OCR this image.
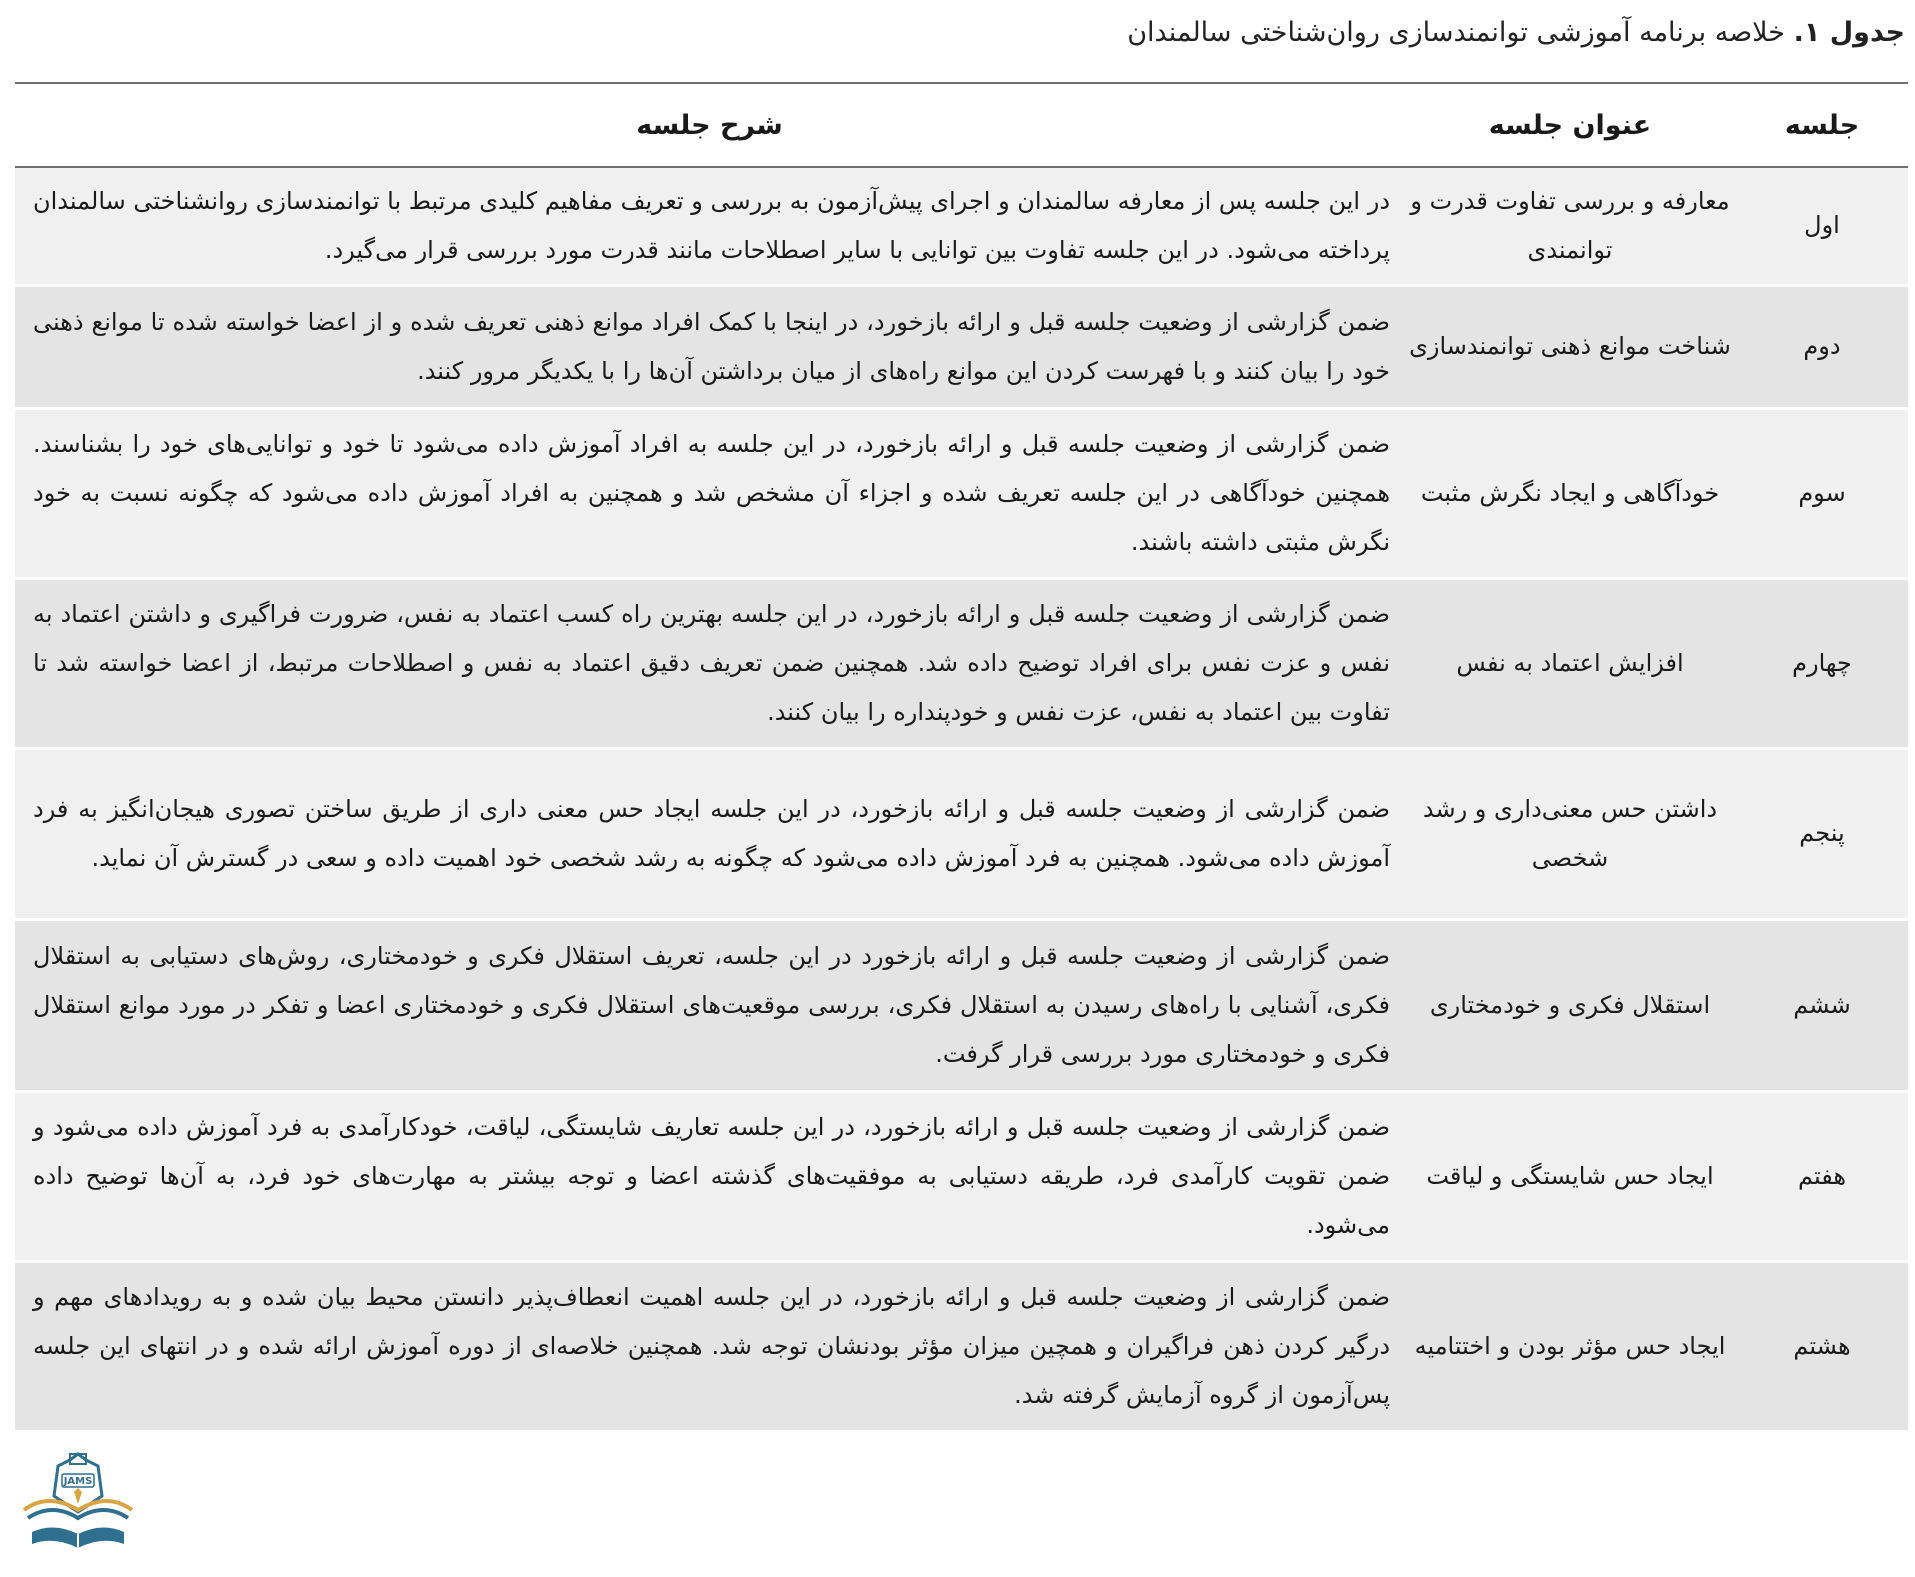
جدول ۱. خلاصه برنامه آموزشی توانمندسازی روان‌شناختی سالمندان
جلسه	عنوان جلسه	شرح جلسه
اول	معارفه و بررسی تفاوت قدرت و توانمندی	در این جلسه پس از معارفه سالمندان و اجرای پیش‌آزمون به بررسی و تعریف مفاهیم کلیدی مرتبط با توانمندسازی روانشناختی سالمندان پرداخته می‌شود. در این جلسه تفاوت بین توانایی با سایر اصطلاحات مانند قدرت مورد بررسی قرار می‌گیرد.
دوم	شناخت موانع ذهنی توانمندسازی	ضمن گزارشی از وضعیت جلسه قبل و ارائه بازخورد، در اینجا با کمک افراد موانع ذهنی تعریف شده و از اعضا خواسته شده تا موانع ذهنی خود را بیان کنند و با فهرست کردن این موانع راه‌های از میان برداشتن آن‌ها را با یکدیگر مرور کنند.
سوم	خودآگاهی و ایجاد نگرش مثبت	ضمن گزارشی از وضعیت جلسه قبل و ارائه بازخورد، در این جلسه به افراد آموزش داده می‌شود تا خود و توانایی‌های خود را بشناسند. همچنین خودآگاهی در این جلسه تعریف شده و اجزاء آن مشخص شد و همچنین به افراد آموزش داده می‌شود که چگونه نسبت به خود نگرش مثبتی داشته باشند.
چهارم	افزایش اعتماد به نفس	ضمن گزارشی از وضعیت جلسه قبل و ارائه بازخورد، در این جلسه بهترین راه کسب اعتماد به نفس، ضرورت فراگیری و داشتن اعتماد به نفس و عزت نفس برای افراد توضیح داده شد. همچنین ضمن تعریف دقیق اعتماد به نفس و اصطلاحات مرتبط، از اعضا خواسته شد تا تفاوت بین اعتماد به نفس، عزت نفس و خودپنداره را بیان کنند.
پنجم	داشتن حس معنی‌داری و رشد شخصی	ضمن گزارشی از وضعیت جلسه قبل و ارائه بازخورد، در این جلسه ایجاد حس معنی داری از طریق ساختن تصوری هیجان‌انگیز به فرد آموزش داده می‌شود. همچنین به فرد آموزش داده می‌شود که چگونه به رشد شخصی خود اهمیت داده و سعی در گسترش آن نماید.
ششم	استقلال فکری و خودمختاری	ضمن گزارشی از وضعیت جلسه قبل و ارائه بازخورد در این جلسه، تعریف استقلال فکری و خودمختاری، روش‌های دستیابی به استقلال فکری، آشنایی با راه‌های رسیدن به استقلال فکری، بررسی موقعیت‌های استقلال فکری و خودمختاری اعضا و تفکر در مورد موانع استقلال فکری و خودمختاری مورد بررسی قرار گرفت.
هفتم	ایجاد حس شایستگی و لیاقت	ضمن گزارشی از وضعیت جلسه قبل و ارائه بازخورد، در این جلسه تعاریف شایستگی، لیاقت، خودکارآمدی به فرد آموزش داده می‌شود و ضمن تقویت کارآمدی فرد، طریقه دستیابی به موفقیت‌های گذشته اعضا و توجه بیشتر به مهارت‌های خود فرد، به آن‌ها توضیح داده می‌شود.
هشتم	ایجاد حس مؤثر بودن و اختتامیه	ضمن گزارشی از وضعیت جلسه قبل و ارائه بازخورد، در این جلسه اهمیت انعطاف‌پذیر دانستن محیط بیان شده و به رویدادهای مهم و درگیر کردن ذهن فراگیران و همچین میزان مؤثر بودنشان توجه شد. همچنین خلاصه‌ای از دوره آموزش ارائه شده و در انتهای این جلسه پس‌آزمون از گروه آزمایش گرفته شد.
JAMS
